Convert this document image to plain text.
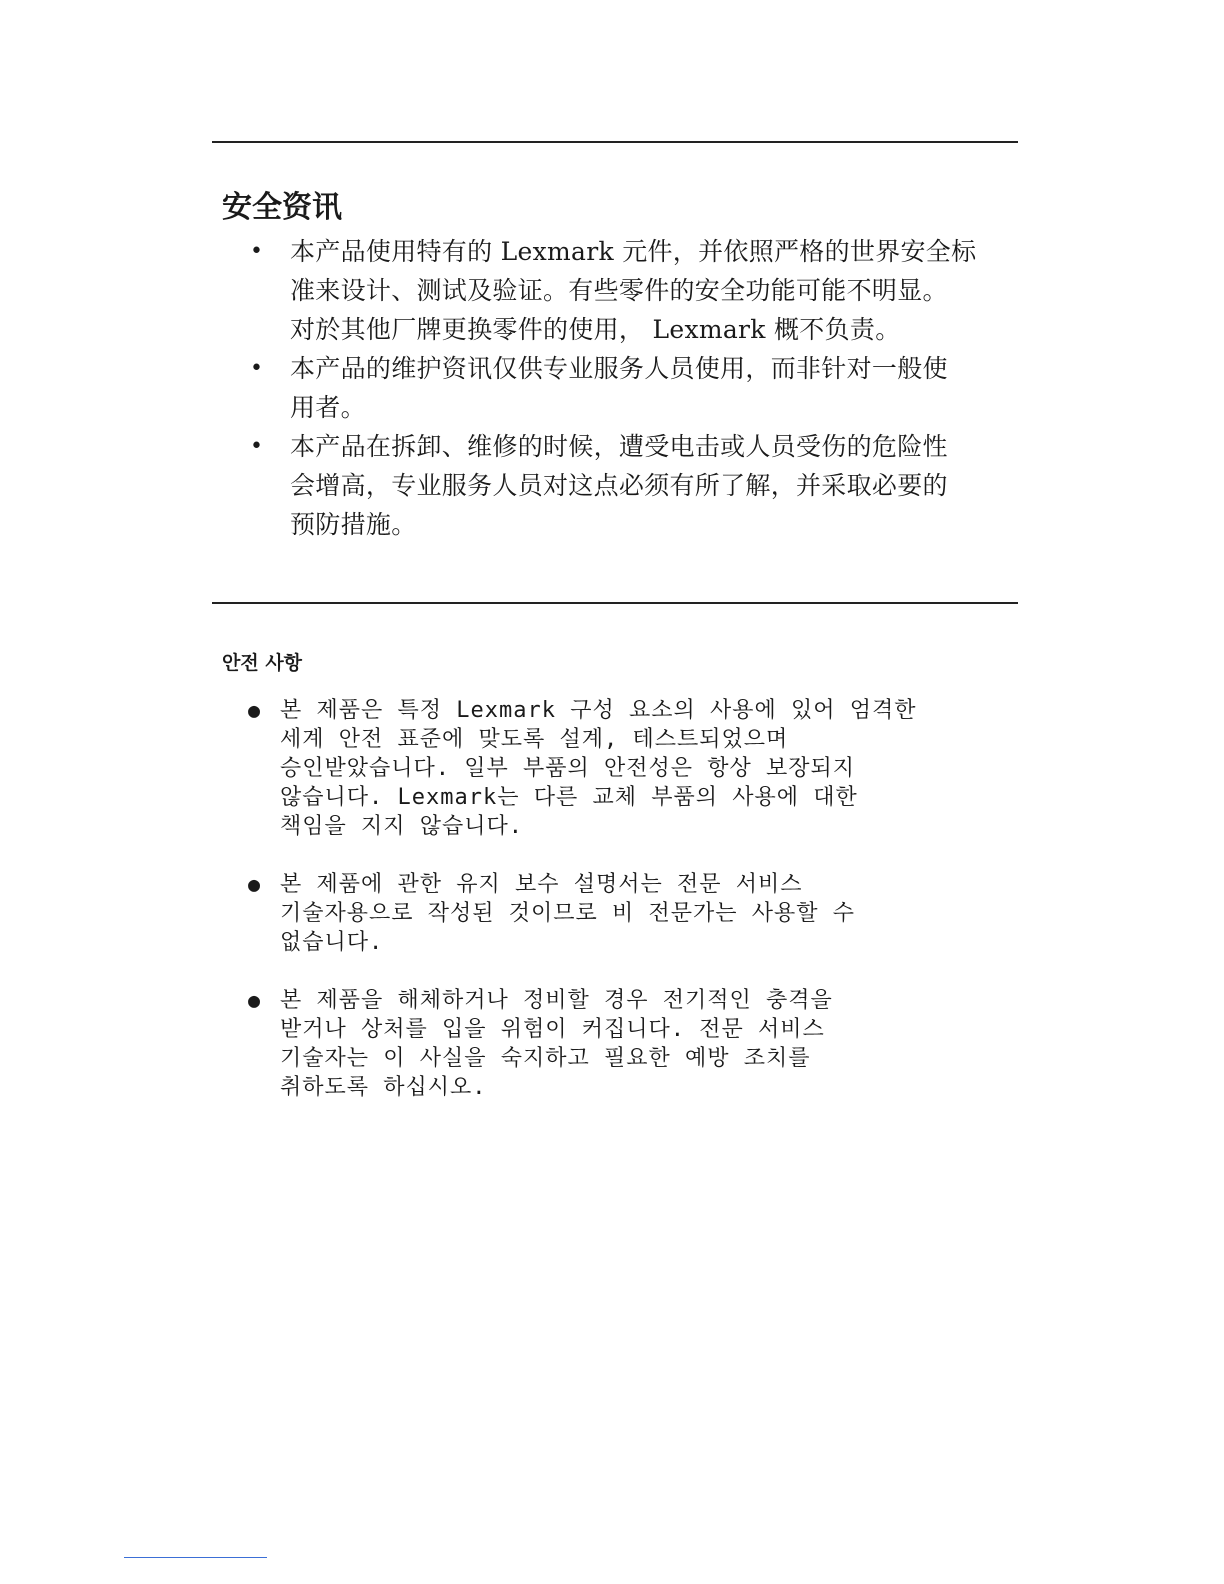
安全资讯
• 本产品使用特有的 Lexmark 元件，并依照严格的世界安全标
准来设计、测试及验证。有些零件的安全功能可能不明显。
对於其他厂牌更换零件的使用， Lexmark 概不负责。
• 本产品的维护资讯仅供专业服务人员使用，而非针对一般使
用者。
• 本产品在拆卸、维修的时候，遭受电击或人员受伤的危险性
会增高，专业服务人员对这点必须有所了解，并采取必要的
预防措施。
안전 사항
● 본 제품은 특정 Lexmark 구성 요소의 사용에 있어 엄격한
세계 안전 표준에 맞도록 설계, 테스트되었으며
승인받았습니다. 일부 부품의 안전성은 항상 보장되지
않습니다. Lexmark는 다른 교체 부품의 사용에 대한
책임을 지지 않습니다.
● 본 제품에 관한 유지 보수 설명서는 전문 서비스
기술자용으로 작성된 것이므로 비 전문가는 사용할 수
없습니다.
● 본 제품을 해체하거나 정비할 경우 전기적인 충격을
받거나 상처를 입을 위험이 커집니다. 전문 서비스
기술자는 이 사실을 숙지하고 필요한 예방 조치를
취하도록 하십시오.
